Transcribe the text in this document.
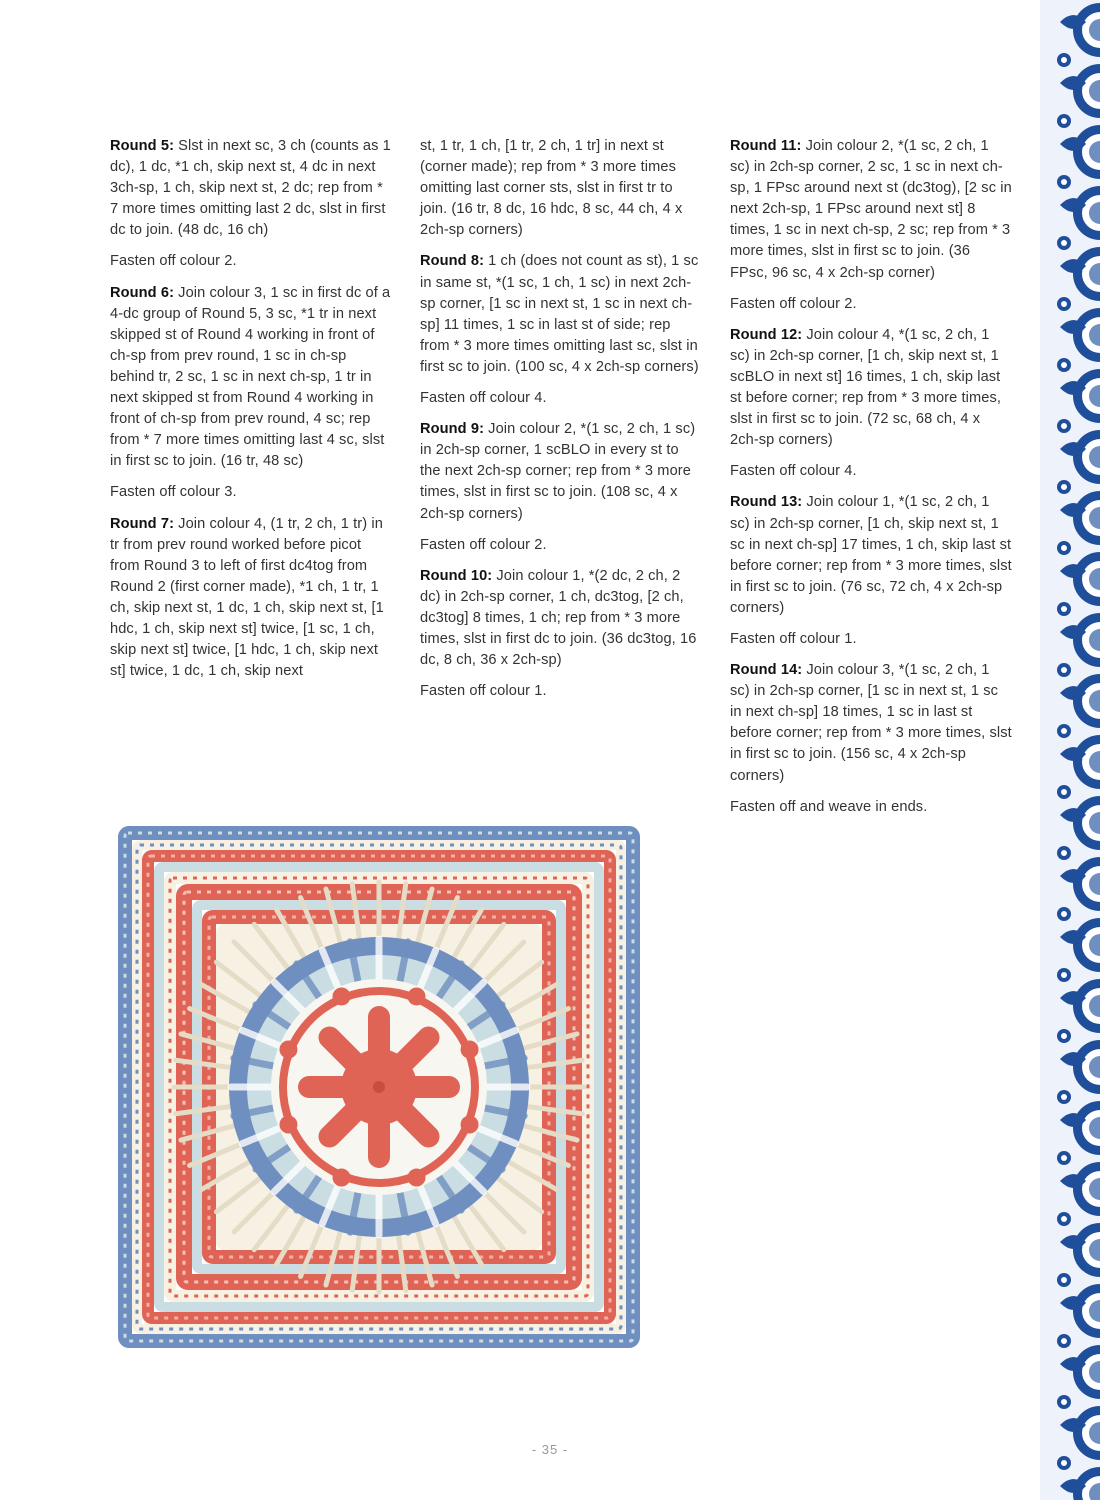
Round 5: Slst in next sc, 3 ch (counts as 1 dc), 1 dc, *1 ch, skip next st, 4 dc in next 3ch-sp, 1 ch, skip next st, 2 dc; rep from * 7 more times omitting last 2 dc, slst in first dc to join. (48 dc, 16 ch)

Fasten off colour 2.

Round 6: Join colour 3, 1 sc in first dc of a 4-dc group of Round 5, 3 sc, *1 tr in next skipped st of Round 4 working in front of ch-sp from prev round, 1 sc in ch-sp behind tr, 2 sc, 1 sc in next ch-sp, 1 tr in next skipped st from Round 4 working in front of ch-sp from prev round, 4 sc; rep from * 7 more times omitting last 4 sc, slst in first sc to join. (16 tr, 48 sc)

Fasten off colour 3.

Round 7: Join colour 4, (1 tr, 2 ch, 1 tr) in tr from prev round worked before picot from Round 3 to left of first dc4tog from Round 2 (first corner made), *1 ch, 1 tr, 1 ch, skip next st, 1 dc, 1 ch, skip next st, [1 hdc, 1 ch, skip next st] twice, [1 sc, 1 ch, skip next st] twice, [1 hdc, 1 ch, skip next st] twice, 1 dc, 1 ch, skip next

st, 1 tr, 1 ch, [1 tr, 2 ch, 1 tr] in next st (corner made); rep from * 3 more times omitting last corner sts, slst in first tr to join. (16 tr, 8 dc, 16 hdc, 8 sc, 44 ch, 4 x 2ch-sp corners)

Round 8: 1 ch (does not count as st), 1 sc in same st, *(1 sc, 1 ch, 1 sc) in next 2ch-sp corner, [1 sc in next st, 1 sc in next ch-sp] 11 times, 1 sc in last st of side; rep from * 3 more times omitting last sc, slst in first sc to join. (100 sc, 4 x 2ch-sp corners)

Fasten off colour 4.

Round 9: Join colour 2, *(1 sc, 2 ch, 1 sc) in 2ch-sp corner, 1 scBLO in every st to the next 2ch-sp corner; rep from * 3 more times, slst in first sc to join. (108 sc, 4 x 2ch-sp corners)

Fasten off colour 2.

Round 10: Join colour 1, *(2 dc, 2 ch, 2 dc) in 2ch-sp corner, 1 ch, dc3tog, [2 ch, dc3tog] 8 times, 1 ch; rep from * 3 more times, slst in first dc to join. (36 dc3tog, 16 dc, 8 ch, 36 x 2ch-sp)

Fasten off colour 1.

Round 11: Join colour 2, *(1 sc, 2 ch, 1 sc) in 2ch-sp corner, 2 sc, 1 sc in next ch-sp, 1 FPsc around next st (dc3tog), [2 sc in next 2ch-sp, 1 FPsc around next st] 8 times, 1 sc in next ch-sp, 2 sc; rep from * 3 more times, slst in first sc to join. (36 FPsc, 96 sc, 4 x 2ch-sp corner)

Fasten off colour 2.

Round 12: Join colour 4, *(1 sc, 2 ch, 1 sc) in 2ch-sp corner, [1 ch, skip next st, 1 scBLO in next st] 16 times, 1 ch, skip last st before corner; rep from * 3 more times, slst in first sc to join. (72 sc, 68 ch, 4 x 2ch-sp corners)

Fasten off colour 4.

Round 13: Join colour 1, *(1 sc, 2 ch, 1 sc) in 2ch-sp corner, [1 ch, skip next st, 1 sc in next ch-sp] 17 times, 1 ch, skip last st before corner; rep from * 3 more times, slst in first sc to join. (76 sc, 72 ch, 4 x 2ch-sp corners)

Fasten off colour 1.

Round 14: Join colour 3, *(1 sc, 2 ch, 1 sc) in 2ch-sp corner, [1 sc in next st, 1 sc in next ch-sp] 18 times, 1 sc in last st before corner; rep from * 3 more times, slst in first sc to join. (156 sc, 4 x 2ch-sp corners)

Fasten off and weave in ends.

- 35 -
